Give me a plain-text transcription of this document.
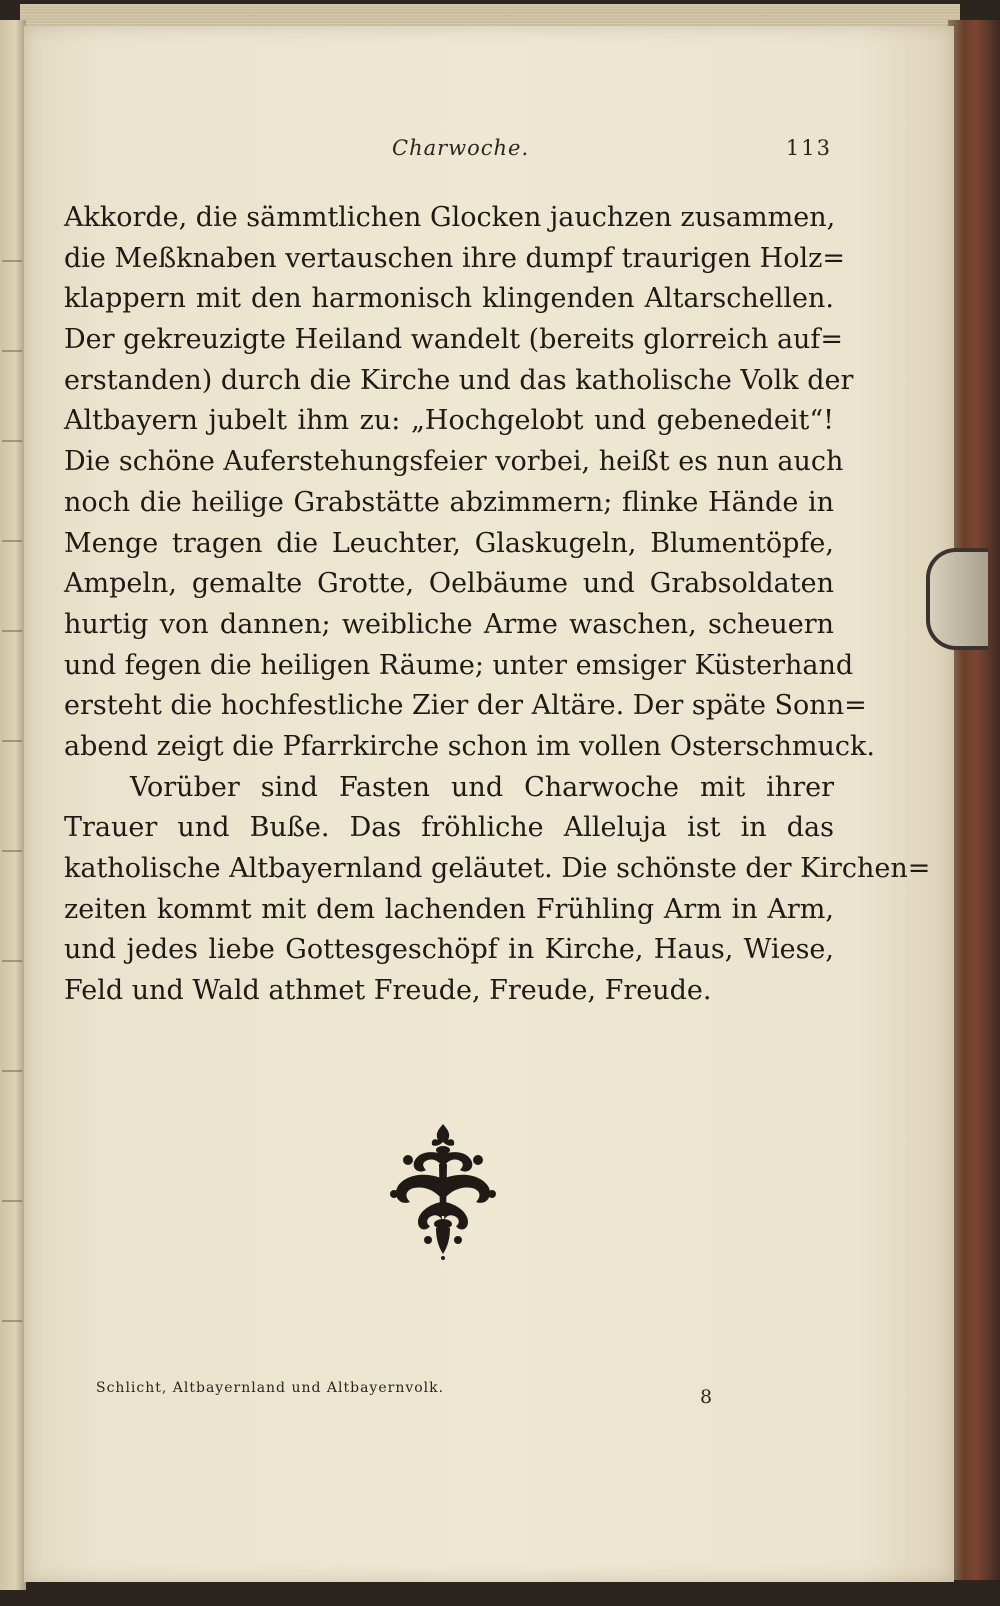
Charwoche.	113
Akkorde, die sämmtlichen Glocken jauchzen zusammen,
die Meßknaben vertauschen ihre dumpf traurigen Holz=
klappern mit den harmonisch klingenden Altarschellen.
Der gekreuzigte Heiland wandelt (bereits glorreich auf=
erstanden) durch die Kirche und das katholische Volk der
Altbayern jubelt ihm zu: „Hochgelobt und gebenedeit“!
Die schöne Auferstehungsfeier vorbei, heißt es nun auch
noch die heilige Grabstätte abzimmern; flinke Hände in
Menge tragen die Leuchter, Glaskugeln, Blumentöpfe,
Ampeln, gemalte Grotte, Oelbäume und Grabsoldaten
hurtig von dannen; weibliche Arme waschen, scheuern
und fegen die heiligen Räume; unter emsiger Küsterhand
ersteht die hochfestliche Zier der Altäre. Der späte Sonn=
abend zeigt die Pfarrkirche schon im vollen Osterschmuck.
Vorüber sind Fasten und Charwoche mit ihrer
Trauer und Buße. Das fröhliche Alleluja ist in das
katholische Altbayernland geläutet. Die schönste der Kirchen=
zeiten kommt mit dem lachenden Frühling Arm in Arm,
und jedes liebe Gottesgeschöpf in Kirche, Haus, Wiese,
Feld und Wald athmet Freude, Freude, Freude.
Schlicht, Altbayernland und Altbayernvolk.	8
